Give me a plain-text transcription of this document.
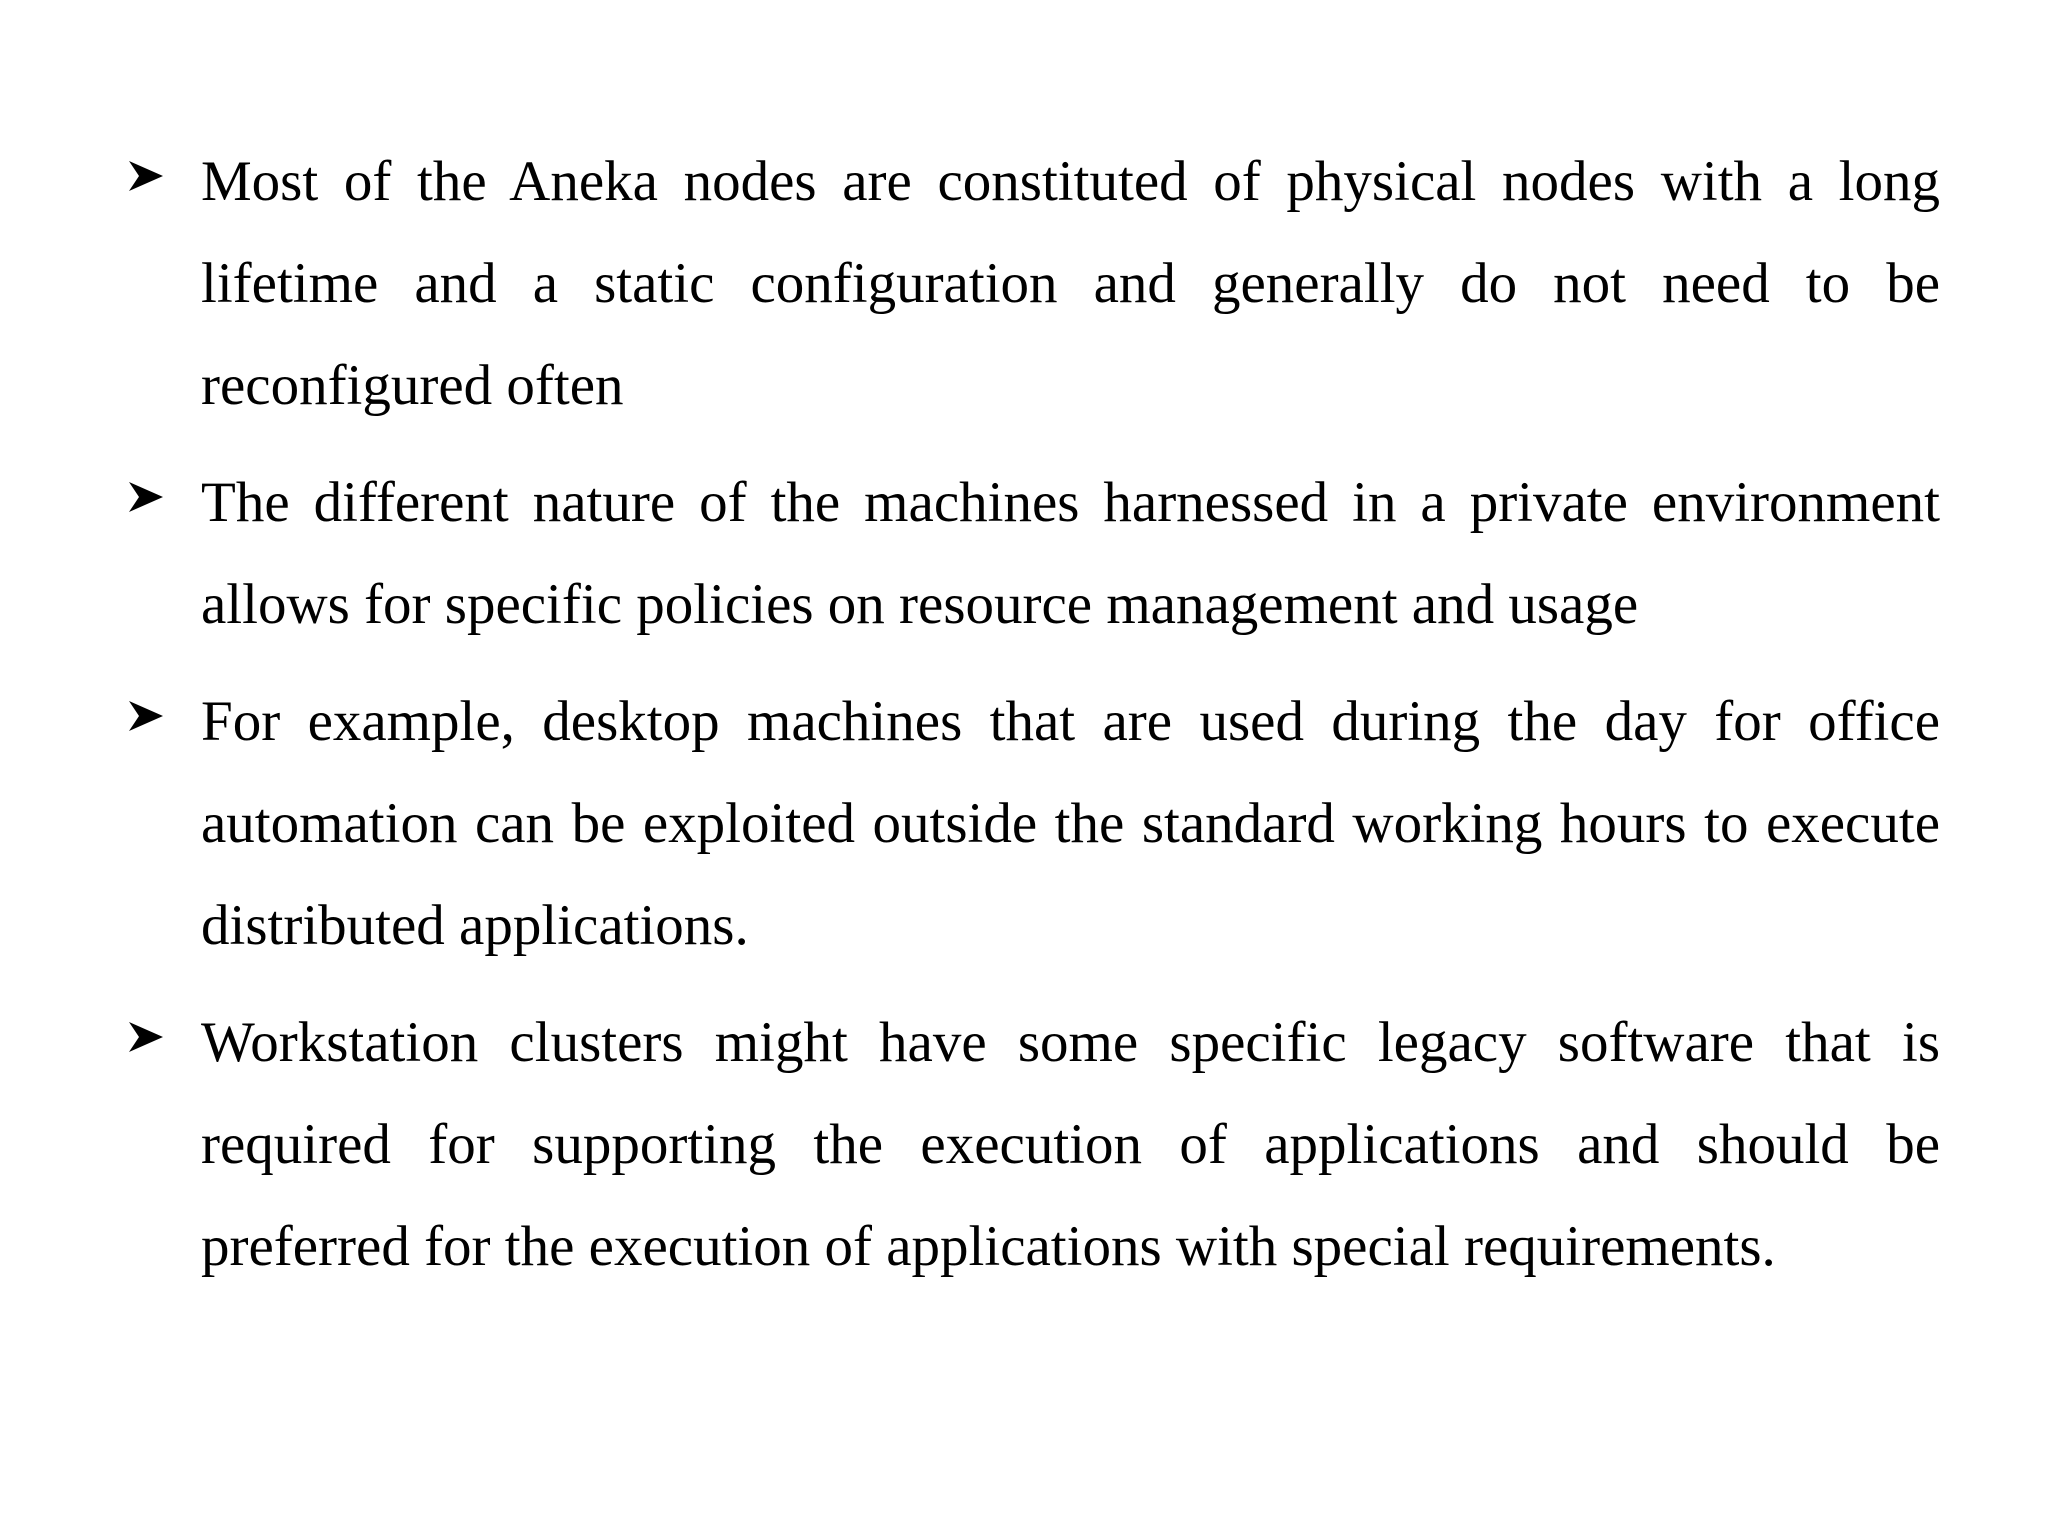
Most of the Aneka nodes are constituted of physical nodes with a long lifetime and a static configuration and generally do not need to be reconfigured often

The different nature of the machines harnessed in a private environment allows for specific policies on resource management and usage

For example, desktop machines that are used during the day for office automation can be exploited outside the standard working hours to execute distributed applications.

Workstation clusters might have some specific legacy software that is required for supporting the execution of applications and should be preferred for the execution of applications with special requirements.
